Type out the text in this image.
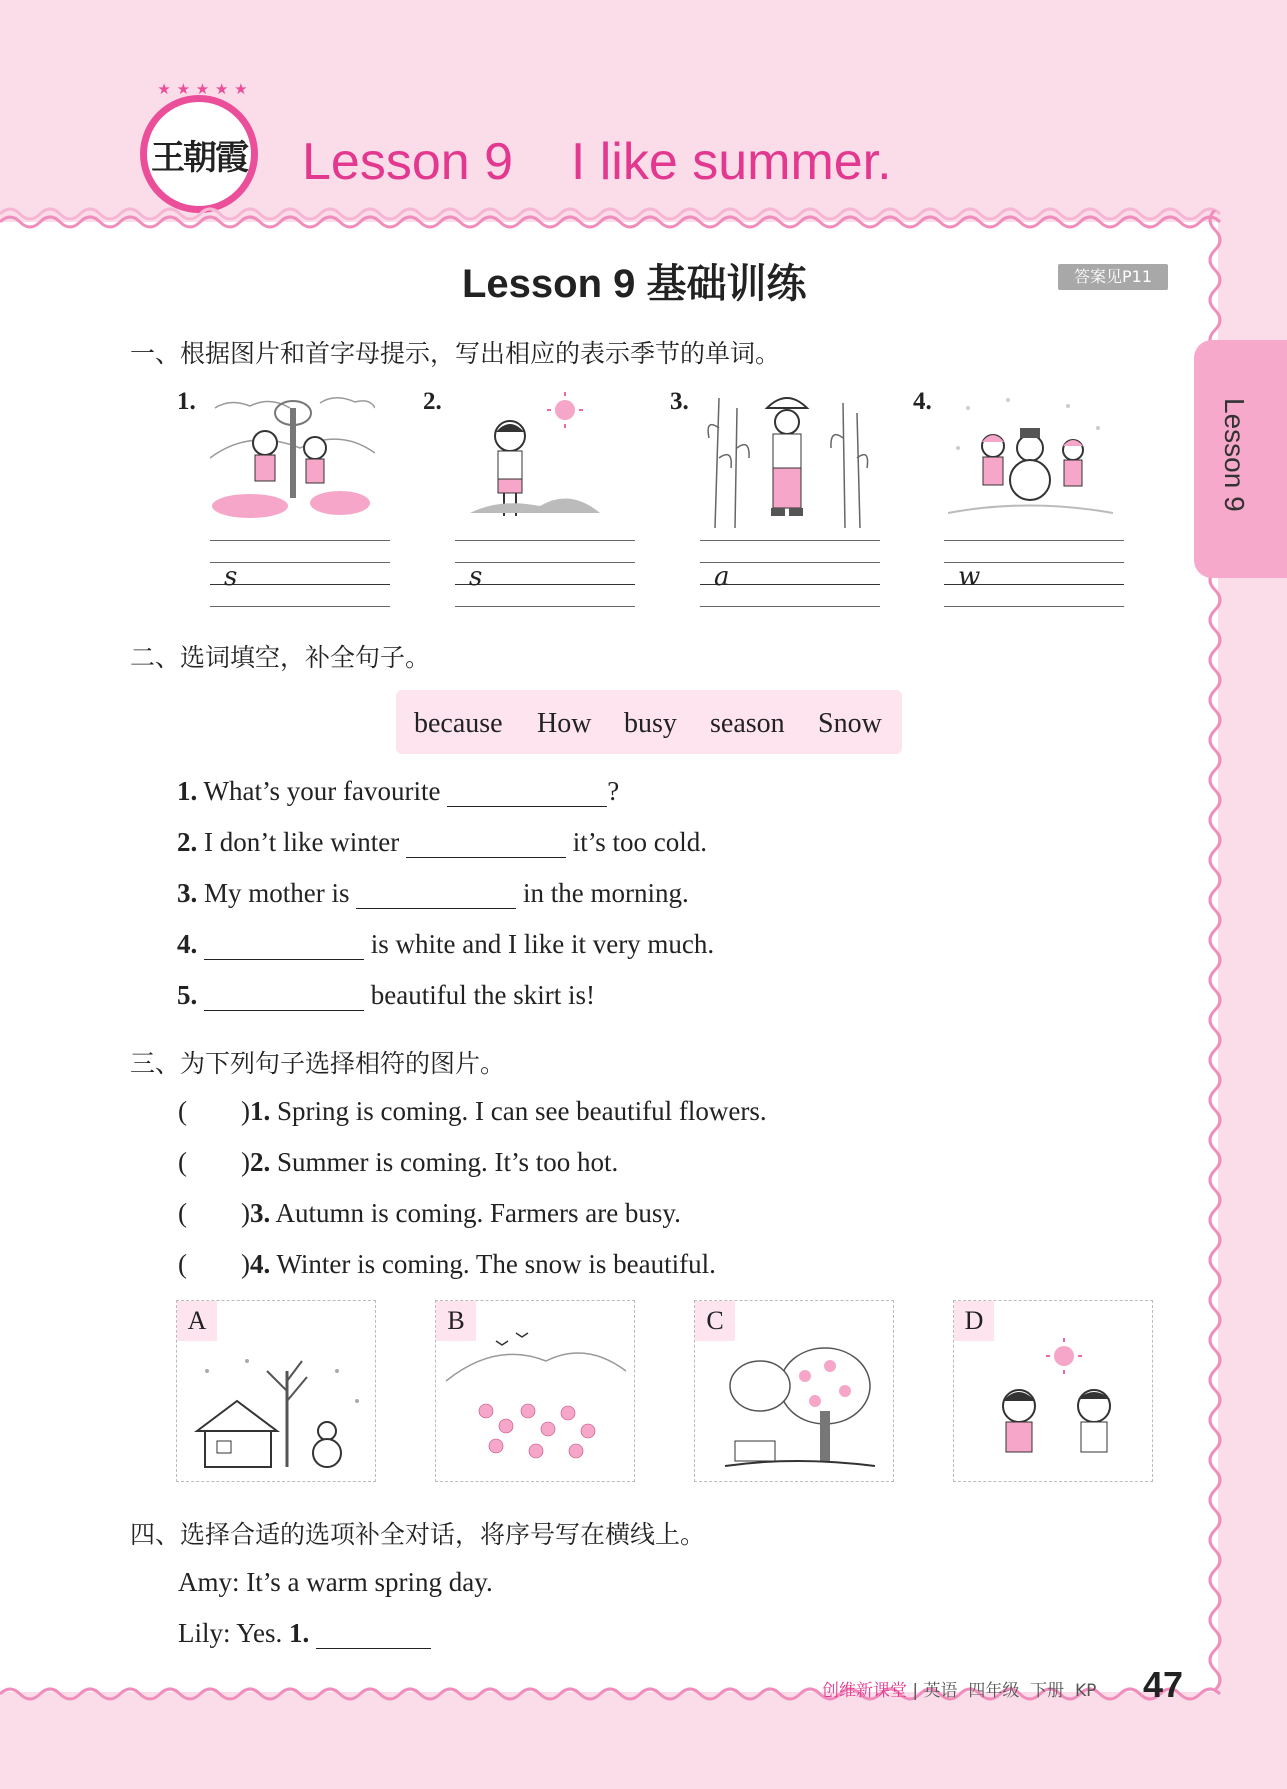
★ ★ ★ ★ ★
王朝霞 Lesson 9    I like summer.
Lesson 9
Lesson 9 基础训练	答案见P11
一、根据图片和首字母提示，写出相应的表示季节的单词。
1.	2.	3.	4.
s	s	a	w
二、选词填空，补全句子。
because How busy season Snow
1. What’s your favourite	?
2. I don’t like winter	it’s too cold.
3. My mother is	in the morning.
4.	is white and I like it very much.
5.	beautiful the skirt is!
三、为下列句子选择相符的图片。
(        )1. Spring is coming. I can see beautiful flowers.
(        )2. Summer is coming. It’s too hot.
(        )3. Autumn is coming. Farmers are busy.
(        )4. Winter is coming. The snow is beautiful.
A	B	C	D
四、选择合适的选项补全对话，将序号写在横线上。
Amy: It’s a warm spring day.
Lily: Yes. 1.
创维新课堂 | 英语  四年级  下册  KP 47
